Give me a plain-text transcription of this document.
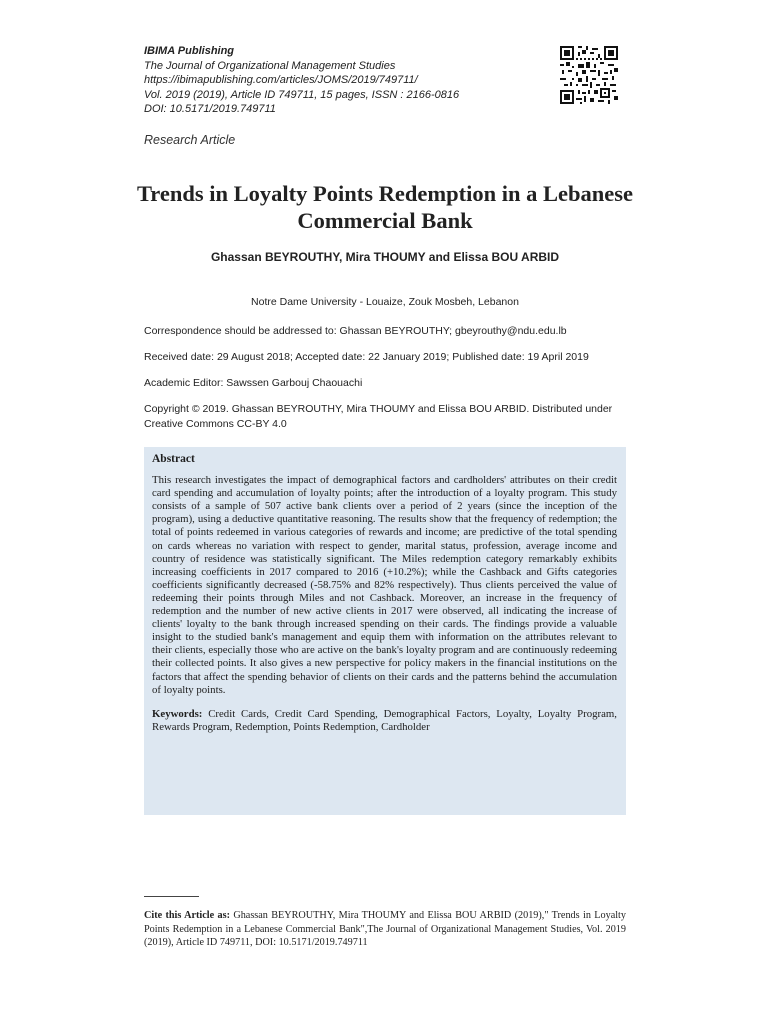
IBIMA Publishing
The Journal of Organizational Management Studies
https://ibimapublishing.com/articles/JOMS/2019/749711/
Vol. 2019 (2019), Article ID 749711, 15 pages, ISSN : 2166-0816
DOI: 10.5171/2019.749711
Research Article
Trends in Loyalty Points Redemption in a Lebanese Commercial Bank
Ghassan BEYROUTHY, Mira THOUMY and Elissa BOU ARBID
Notre Dame University - Louaize, Zouk Mosbeh, Lebanon
Correspondence should be addressed to: Ghassan BEYROUTHY; gbeyrouthy@ndu.edu.lb
Received date: 29 August 2018; Accepted date: 22 January 2019; Published date: 19 April 2019
Academic Editor: Sawssen Garbouj Chaouachi
Copyright © 2019. Ghassan BEYROUTHY, Mira THOUMY and Elissa BOU ARBID. Distributed under Creative Commons CC-BY 4.0
Abstract

This research investigates the impact of demographical factors and cardholders' attributes on their credit card spending and accumulation of loyalty points; after the introduction of a loyalty program. This study consists of a sample of 507 active bank clients over a period of 2 years (since the inception of the program), using a deductive quantitative reasoning. The results show that the frequency of redemption; the total of points redeemed in various categories of rewards and income; are predictive of the total spending on cards whereas no variation with respect to gender, marital status, profession, average income and country of residence was statistically significant. The Miles redemption category remarkably exhibits increasing coefficients in 2017 compared to 2016 (+10.2%); while the Cashback and Gifts categories coefficients significantly decreased (-58.75% and 82% respectively). Thus clients perceived the value of redeeming their points through Miles and not Cashback. Moreover, an increase in the frequency of redemption and the number of new active clients in 2017 were observed, all indicating the increase of clients' loyalty to the bank through increased spending on their cards. The findings provide a valuable insight to the studied bank's management and equip them with information on the attributes relevant to their clients, especially those who are active on the bank's loyalty program and are continuously redeeming their collected points. It also gives a new perspective for policy makers in the financial institutions on the factors that affect the spending behavior of clients on their cards and the patterns behind the accumulation of loyalty points.

Keywords: Credit Cards, Credit Card Spending, Demographical Factors, Loyalty, Loyalty Program, Rewards Program, Redemption, Points Redemption, Cardholder

Cite this Article as: Ghassan BEYROUTHY, Mira THOUMY and Elissa BOU ARBID (2019)," Trends in Loyalty Points Redemption in a Lebanese Commercial Bank",The Journal of Organizational Management Studies, Vol. 2019 (2019), Article ID 749711, DOI: 10.5171/2019.749711
